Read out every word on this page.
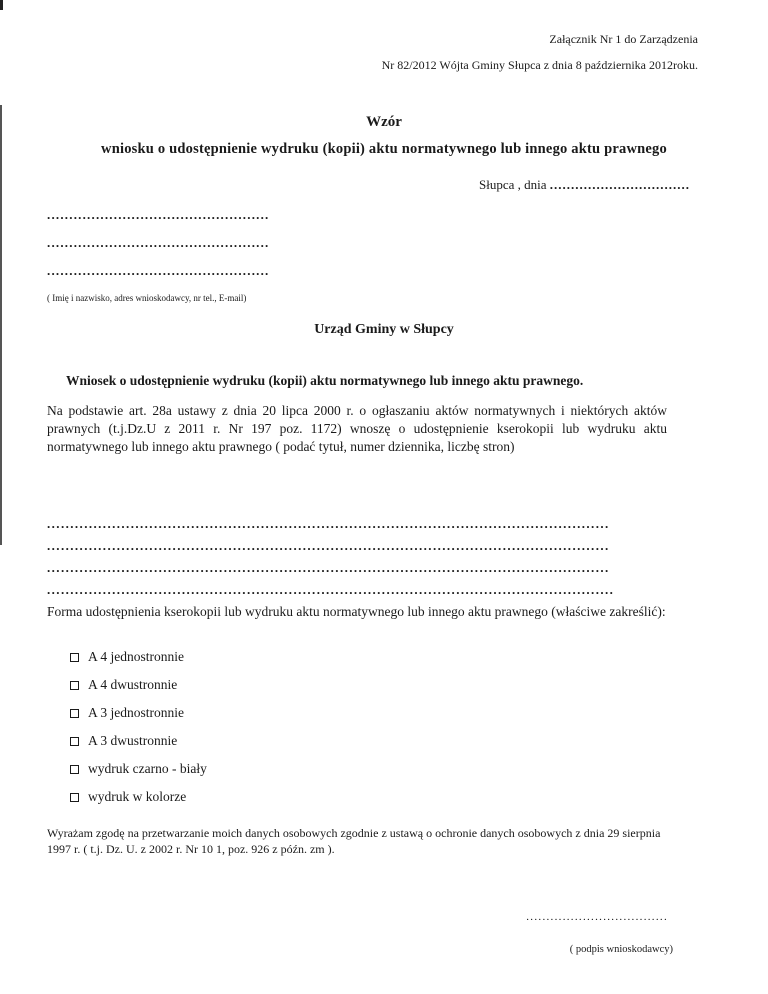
Załącznik Nr 1 do Zarządzenia
Nr 82/2012 Wójta Gminy Słupca z dnia 8 października 2012roku.
Wzór
wniosku o udostępnienie wydruku (kopii) aktu normatywnego lub innego aktu prawnego
Słupca , dnia .................................
..................................................
..................................................
..................................................
( Imię i nazwisko, adres wnioskodawcy, nr tel., E-mail)
Urząd Gminy w Słupcy
Wniosek o udostępnienie wydruku (kopii) aktu normatywnego lub innego aktu prawnego.
Na podstawie art. 28a ustawy z dnia 20 lipca 2000 r. o ogłaszaniu aktów normatywnych i niektórych aktów prawnych (t.j.Dz.U z 2011 r. Nr 197 poz. 1172) wnoszę o udostępnienie kserokopii lub wydruku aktu normatywnego lub innego aktu prawnego ( podać tytuł, numer dziennika, liczbę stron)
.........................................................................................................................
.........................................................................................................................
.........................................................................................................................
..........................................................................................................................
Forma udostępnienia kserokopii lub wydruku aktu normatywnego lub innego aktu prawnego (właściwe zakreślić):
A 4 jednostronnie
A 4 dwustronnie
A 3 jednostronnie
A 3 dwustronnie
wydruk czarno - biały
wydruk w kolorze
Wyrażam zgodę na przetwarzanie moich danych osobowych zgodnie z ustawą o ochronie danych osobowych z dnia 29 sierpnia 1997 r. ( t.j. Dz. U. z 2002 r. Nr 10 1, poz. 926 z późn. zm ).
...................................
( podpis wnioskodawcy)
